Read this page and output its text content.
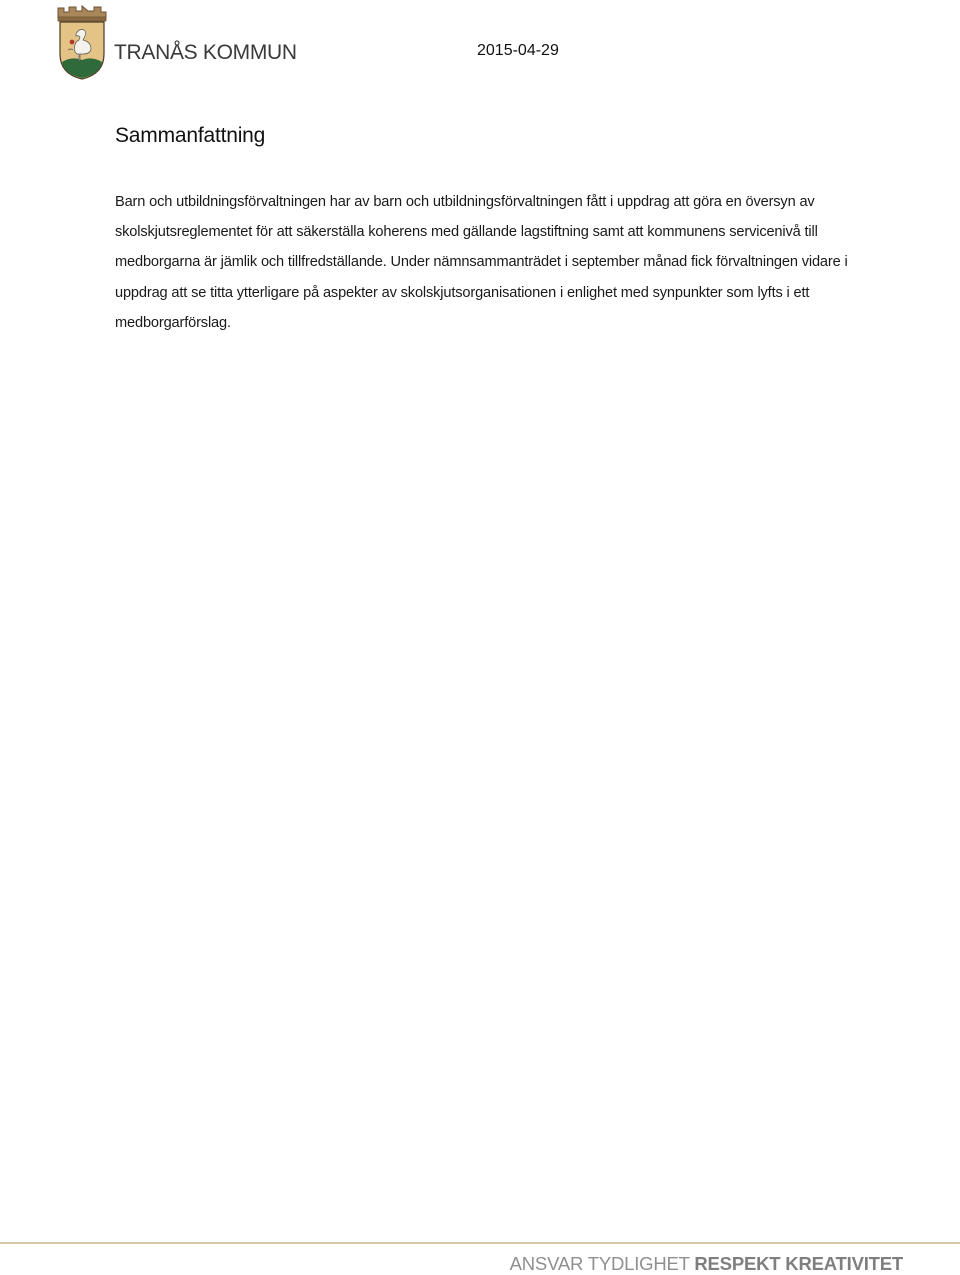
TRANÅS KOMMUN	2015-04-29
Sammanfattning

Barn och utbildningsförvaltningen har av barn och utbildningsförvaltningen fått i uppdrag att göra en översyn av skolskjutsreglementet för att säkerställa koherens med gällande lagstiftning samt att kommunens servicenivå till medborgarna är jämlik och tillfredställande. Under nämnsammanträdet i september månad fick förvaltningen vidare i uppdrag att se titta ytterligare på aspekter av skolskjutsorganisationen i enlighet med synpunkter som lyfts i ett medborgarförslag.

ANSVAR TYDLIGHET RESPEKT KREATIVITET
